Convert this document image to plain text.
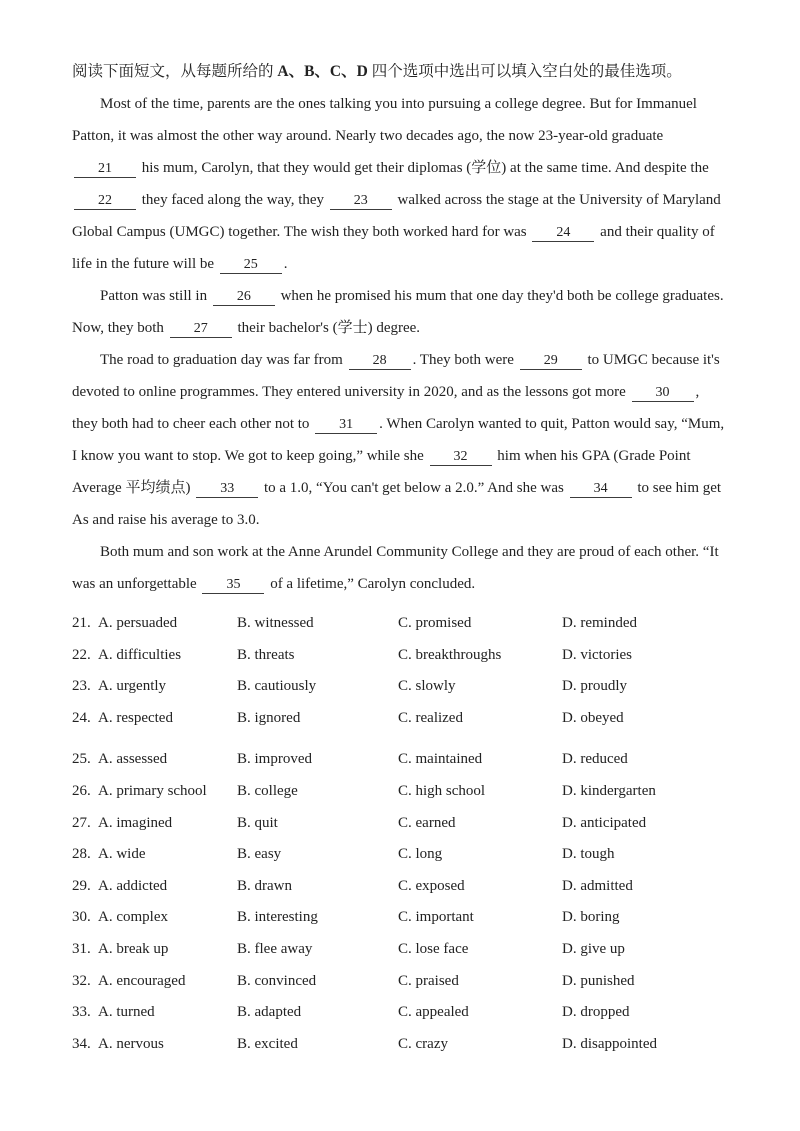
阅读下面短文，从每题所给的 A、B、C、D 四个选项中选出可以填入空白处的最佳选项。

Most of the time, parents are the ones talking you into pursuing a college degree. But for Immanuel Patton, it was almost the other way around. Nearly two decades ago, the now 23-year-old graduate 21 his mum, Carolyn, that they would get their diplomas (学位) at the same time. And despite the 22 they faced along the way, they 23 walked across the stage at the University of Maryland Global Campus (UMGC) together. The wish they both worked hard for was 24 and their quality of life in the future will be 25 .

Patton was still in 26 when he promised his mum that one day they'd both be college graduates. Now, they both 27 their bachelor's (学士) degree.

The road to graduation day was far from 28 . They both were 29 to UMGC because it's devoted to online programmes. They entered university in 2020, and as the lessons got more 30 , they both had to cheer each other not to 31 . When Carolyn wanted to quit, Patton would say, “Mum, I know you want to stop. We got to keep going,” while she 32 him when his GPA (Grade Point Average 平均绩点) 33 to a 1.0, “You can't get below a 2.0.” And she was 34 to see him get As and raise his average to 3.0.

Both mum and son work at the Anne Arundel Community College and they are proud of each other. “It was an unforgettable 35 of a lifetime,” Carolyn concluded.

21. A. persuaded	B. witnessed	C. promised	D. reminded
22. A. difficulties	B. threats	C. breakthroughs	D. victories
23. A. urgently	B. cautiously	C. slowly	D. proudly
24. A. respected	B. ignored	C. realized	D. obeyed
25. A. assessed	B. improved	C. maintained	D. reduced
26. A. primary school	B. college	C. high school	D. kindergarten
27. A. imagined	B. quit	C. earned	D. anticipated
28. A. wide	B. easy	C. long	D. tough
29. A. addicted	B. drawn	C. exposed	D. admitted
30. A. complex	B. interesting	C. important	D. boring
31. A. break up	B. flee away	C. lose face	D. give up
32. A. encouraged	B. convinced	C. praised	D. punished
33. A. turned	B. adapted	C. appealed	D. dropped
34. A. nervous	B. excited	C. crazy	D. disappointed
